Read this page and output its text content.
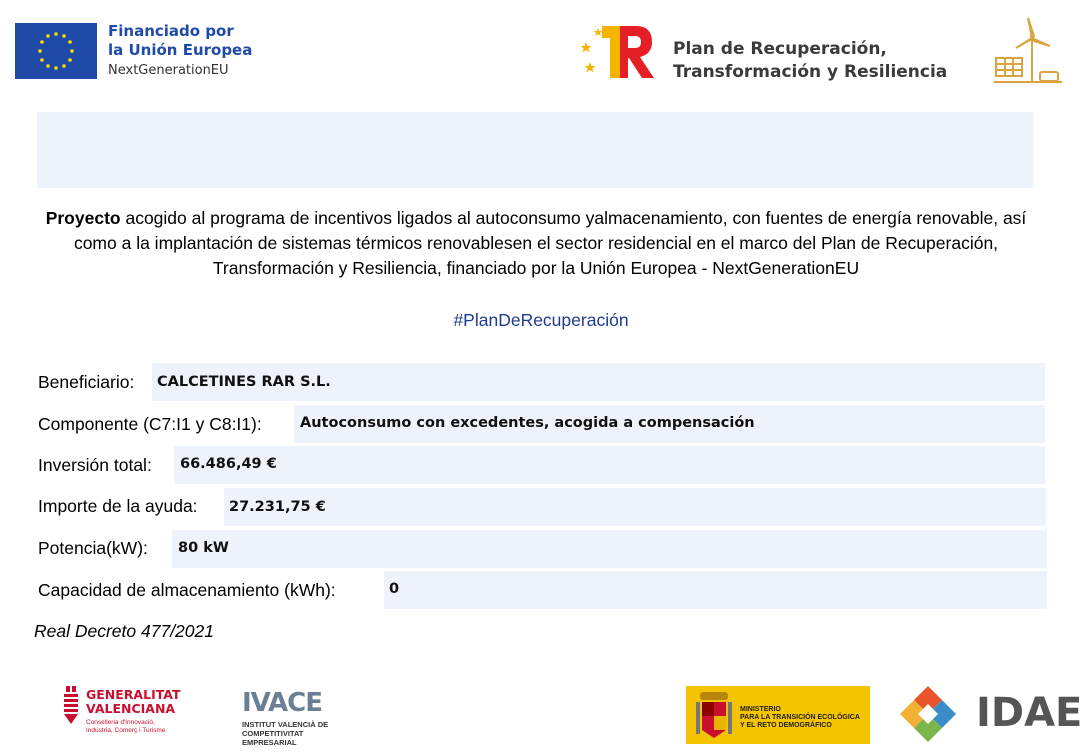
Financiado por
la Unión Europea
NextGenerationEU
Plan de Recuperación,
Transformación y Resiliencia
Proyecto acogido al programa de incentivos ligados al autoconsumo yalmacenamiento, con fuentes de energía renovable, así como a la implantación de sistemas térmicos renovablesen el sector residencial en el marco del Plan de Recuperación, Transformación y Resiliencia, financiado por la Unión Europea - NextGenerationEU
#PlanDeRecuperación
Beneficiario: CALCETINES RAR S.L.
Componente (C7:I1 y C8:I1):	Autoconsumo con excedentes, acogida a compensación
Inversión total: 66.486,49 €
Importe de la ayuda: 27.231,75 €
Potencia(kW): 80 kW
Capacidad de almacenamiento (kWh):	0
Real Decreto 477/2021
GENERALITAT
VALENCIANA
Conselleria d'Innovació,
Indústria, Comerç i Turisme
IVACE
INSTITUT VALENCIÀ DE
COMPETITIVITAT EMPRESARIAL
MINISTERIO
PARA LA TRANSICIÓN ECOLÓGICA
Y EL RETO DEMOGRÁFICO	IDAE
